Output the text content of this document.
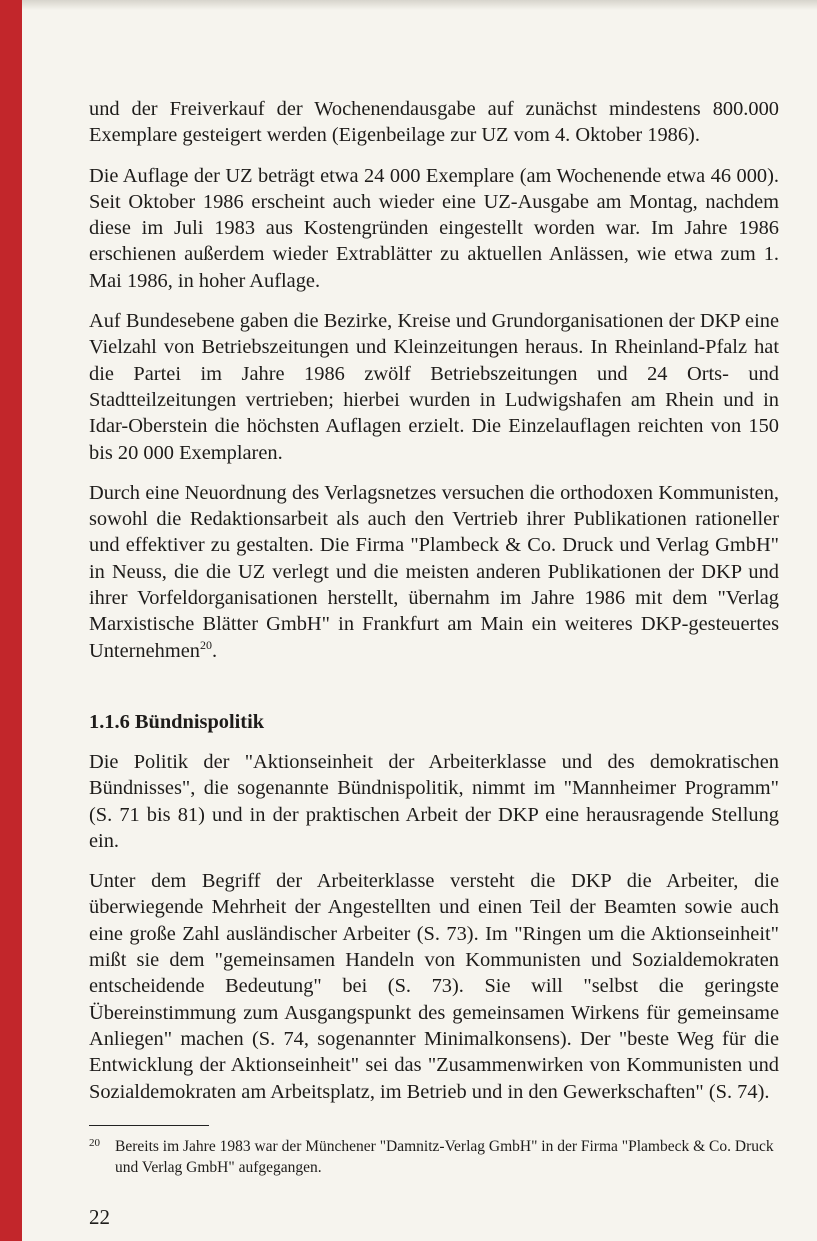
und der Freiverkauf der Wochenendausgabe auf zunächst mindestens 800.000 Exemplare gesteigert werden (Eigenbeilage zur UZ vom 4. Oktober 1986).

Die Auflage der UZ beträgt etwa 24 000 Exemplare (am Wochenende etwa 46 000). Seit Oktober 1986 erscheint auch wieder eine UZ-Ausgabe am Montag, nachdem diese im Juli 1983 aus Kostengründen eingestellt worden war. Im Jahre 1986 erschienen außerdem wieder Extrablätter zu aktuellen Anlässen, wie etwa zum 1. Mai 1986, in hoher Auflage.

Auf Bundesebene gaben die Bezirke, Kreise und Grundorganisationen der DKP eine Vielzahl von Betriebszeitungen und Kleinzeitungen heraus. In Rheinland-Pfalz hat die Partei im Jahre 1986 zwölf Betriebszeitungen und 24 Orts- und Stadtteilzeitungen vertrieben; hierbei wurden in Ludwigshafen am Rhein und in Idar-Oberstein die höchsten Auflagen erzielt. Die Einzelauflagen reichten von 150 bis 20 000 Exemplaren.

Durch eine Neuordnung des Verlagsnetzes versuchen die orthodoxen Kommunisten, sowohl die Redaktionsarbeit als auch den Vertrieb ihrer Publikationen rationeller und effektiver zu gestalten. Die Firma "Plambeck & Co. Druck und Verlag GmbH" in Neuss, die die UZ verlegt und die meisten anderen Publikationen der DKP und ihrer Vorfeldorganisationen herstellt, übernahm im Jahre 1986 mit dem "Verlag Marxistische Blätter GmbH" in Frankfurt am Main ein weiteres DKP-gesteuertes Unternehmen$^{20}$.

1.1.6 Bündnispolitik

Die Politik der "Aktionseinheit der Arbeiterklasse und des demokratischen Bündnisses", die sogenannte Bündnispolitik, nimmt im "Mannheimer Programm" (S. 71 bis 81) und in der praktischen Arbeit der DKP eine herausragende Stellung ein.

Unter dem Begriff der Arbeiterklasse versteht die DKP die Arbeiter, die überwiegende Mehrheit der Angestellten und einen Teil der Beamten sowie auch eine große Zahl ausländischer Arbeiter (S. 73). Im "Ringen um die Aktionseinheit" mißt sie dem "gemeinsamen Handeln von Kommunisten und Sozialdemokraten entscheidende Bedeutung" bei (S. 73). Sie will "selbst die geringste Übereinstimmung zum Ausgangspunkt des gemeinsamen Wirkens für gemeinsame Anliegen" machen (S. 74, sogenannter Minimalkonsens). Der "beste Weg für die Entwicklung der Aktionseinheit" sei das "Zusammenwirken von Kommunisten und Sozialdemokraten am Arbeitsplatz, im Betrieb und in den Gewerkschaften" (S. 74).

20 Bereits im Jahre 1983 war der Münchener "Damnitz-Verlag GmbH" in der Firma "Plambeck & Co. Druck und Verlag GmbH" aufgegangen.

22
